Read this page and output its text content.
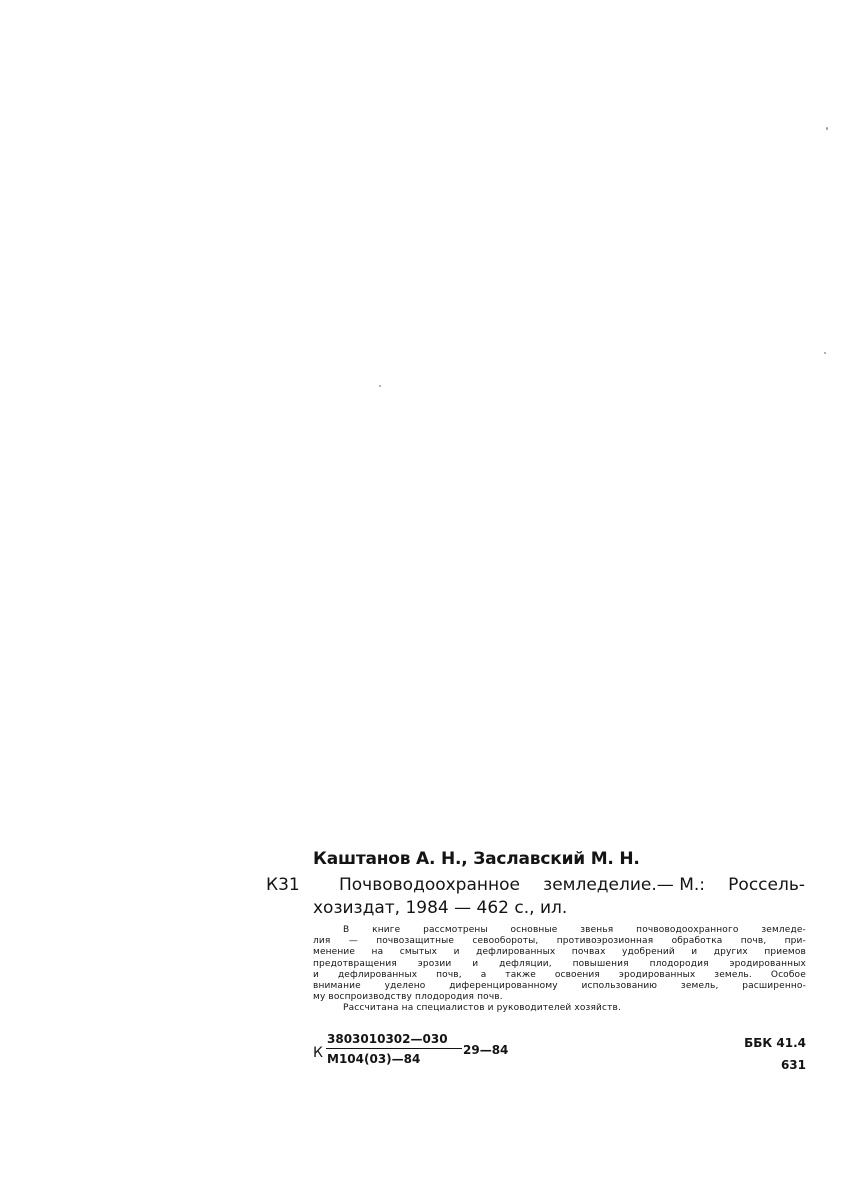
Каштанов А. Н., Заславский М. Н.
К31 Почвоводоохранное земледелие.— М.: Россель-
хозиздат, 1984 — 462 с., ил.
В	книге	рассмотрены	основные	звенья	почвоводоохранного	земледе-
лия — почвозащитные севообороты, противоэрозионная обработка почв, при-
менение на смытых и дефлированных почвах удобрений и других приемов
предотвращения эрозии и дефляции, повышения плодородия эродированных
и дефлированных почв, а также освоения эродированных земель. Особое
внимание	уделено	диференцированному	использованию	земель,	расширенно-
му воспроизводству плодородия почв.
Рассчитана на специалистов и руководителей хозяйств.
К
3803010302—030
М104(03)—84
29—84	ББК 41.4
631
